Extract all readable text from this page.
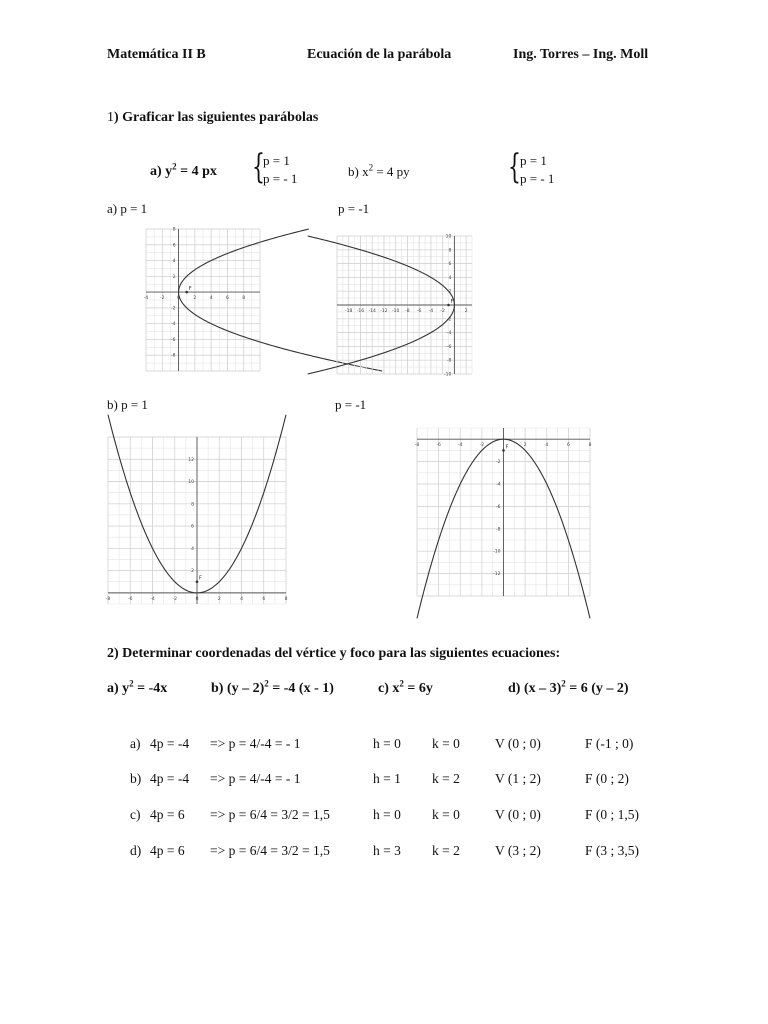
Matemática II B	Ecuación de la parábola	Ing. Torres – Ing. Moll
1) Graficar las siguientes parábolas
a) $y^2 = 4$ px {
p = 1
p = - 1	b) $x^2 = 4$ py	{ p = 1
p = - 1
a) p = 1	p = -1
b) p = 1	p = -1
-4	-2	0	2	4	6	8
8
6
4
2
-2
-4
-6
-8
F
-18 -16 -14 -12 -10 -8 -6 -4 -2	2
10
8
6
4
2
-2
-4
-6
-8
-10
F
-8	-6	-4	-2	0	2	4	6	8
12
10
8
6
4
2
F
-8	-6	-4	-2	2	4	6	8
-2
-4
-6
-8
-10
-12
F
2) Determinar coordenadas del vértice y foco para las siguientes ecuaciones:
a) $y^2 = -4x$	b) (y – 2)$^2$ = -4 (x - 1)	c) $x^2 = 6y$	d) (x – 3)$^2$ = 6 (y – 2)
a) 4p = -4 => p = 4/-4 = - 1	h = 0 k = 0	V (0 ; 0)	F (-1 ; 0)
b) 4p = -4 => p = 4/-4 = - 1	h = 1 k = 2	V (1 ; 2)	F (0 ; 2)
c) 4p = 6 => p = 6/4 = 3/2 = 1,5	h = 0 k = 0	V (0 ; 0)	F (0 ; 1,5)
d) 4p = 6 => p = 6/4 = 3/2 = 1,5	h = 3 k = 2	V (3 ; 2)	F (3 ; 3,5)
